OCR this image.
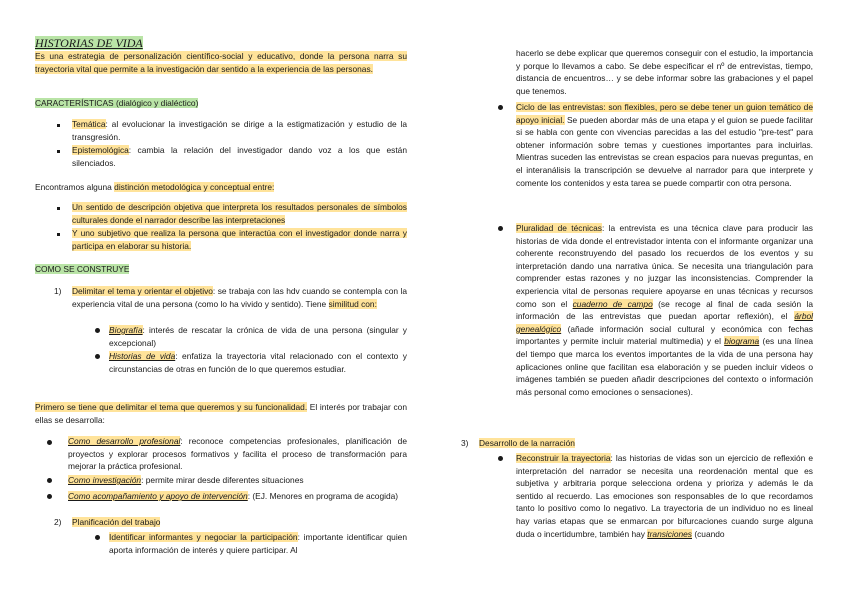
HISTORIAS DE VIDA

Es una estrategia de personalización científico-social y educativo, donde la persona narra su trayectoria vital que permite a la investigación dar sentido a la experiencia de las personas.

CARACTERÍSTICAS (dialógico y dialéctico)

Temática: al evolucionar la investigación se dirige a la estigmatización y estudio de la transgresión.

Epistemológica: cambia la relación del investigador dando voz a los que están silenciados.

Encontramos alguna distinción metodológica y conceptual entre:

Un sentido de descripción objetiva que interpreta los resultados personales de símbolos culturales donde el narrador describe las interpretaciones

Y uno subjetivo que realiza la persona que interactúa con el investigador donde narra y participa en elaborar su historia.

COMO SE CONSTRUYE

1) Delimitar el tema y orientar el objetivo: se trabaja con las hdv cuando se contempla con la experiencia vital de una persona (como lo ha vivido y sentido). Tiene similitud con:

Biografía: interés de rescatar la crónica de vida de una persona (singular y excepcional)

Historias de vida: enfatiza la trayectoria vital relacionado con el contexto y circunstancias de otras en función de lo que queremos estudiar.

Primero se tiene que delimitar el tema que queremos y su funcionalidad. El interés por trabajar con ellas se desarrolla:

Como desarrollo profesional: reconoce competencias profesionales, planificación de proyectos y explorar procesos formativos y facilita el proceso de transformación para mejorar la práctica profesional.

Como investigación: permite mirar desde diferentes situaciones

Como acompañamiento y apoyo de intervención: (EJ. Menores en programa de acogida)

2) Planificación del trabajo

Identificar informantes y negociar la participación: importante identificar quien aporta información de interés y quiere participar. Al

hacerlo se debe explicar que queremos conseguir con el estudio, la importancia y porque lo llevamos a cabo. Se debe especificar el nº de entrevistas, tiempo, distancia de encuentros… y se debe informar sobre las grabaciones y el papel que tenemos.

Ciclo de las entrevistas: son flexibles, pero se debe tener un guion temático de apoyo inicial. Se pueden abordar más de una etapa y el guion se puede facilitar si se habla con gente con vivencias parecidas a las del estudio "pre-test" para obtener información sobre temas y cuestiones importantes para incluirlas. Mientras suceden las entrevistas se crean espacios para nuevas preguntas, en el interanálisis la transcripción se devuelve al narrador para que interprete y comente los contenidos y esta tarea se puede compartir con otra persona.

Pluralidad de técnicas: la entrevista es una técnica clave para producir las historias de vida donde el entrevistador intenta con el informante organizar una coherente reconstruyendo del pasado los recuerdos de los eventos y su interpretación dando una narrativa única. Se necesita una triangulación para comprender estas razones y no juzgar las inconsistencias. Comprender la experiencia vital de personas requiere apoyarse en unas técnicas y recursos como son el cuaderno de campo (se recoge al final de cada sesión la información de las entrevistas que puedan aportar reflexión), el árbol genealógico (añade información social cultural y económica con fechas importantes y permite incluir material multimedia) y el biograma (es una línea del tiempo que marca los eventos importantes de la vida de una persona hay aplicaciones online que facilitan esa elaboración y se pueden incluir videos o imágenes también se pueden añadir descripciones del contexto o información más personal como emociones o sensaciones).

3) Desarrollo de la narración

Reconstruir la trayectoria: las historias de vidas son un ejercicio de reflexión e interpretación del narrador se necesita una reordenación mental que es subjetiva y arbitraria porque selecciona ordena y prioriza y además le da sentido al recuerdo. Las emociones son responsables de lo que recordamos tanto lo positivo como lo negativo. La trayectoria de un individuo no es lineal hay varias etapas que se enmarcan por bifurcaciones cuando surge alguna duda o incertidumbre, también hay transiciones (cuando
